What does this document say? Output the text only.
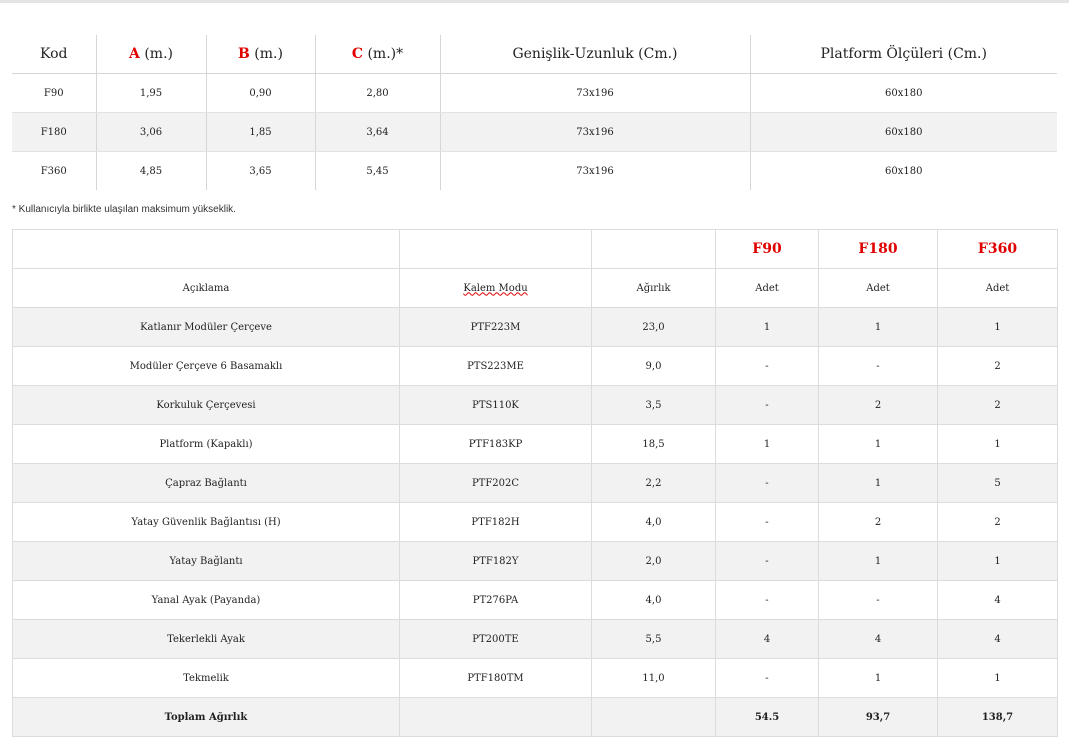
Kod	A (m.)	B (m.)	C (m.)*	Genişlik-Uzunluk (Cm.)	Platform Ölçüleri (Cm.)
F90	1,95	0,90	2,80	73x196	60x180
F180	3,06	1,85	3,64	73x196	60x180
F360	4,85	3,65	5,45	73x196	60x180
* Kullanıcıyla birlikte ulaşılan maksimum yükseklik.
			F90	F180	F360
Açıklama	Kalem Modu	Ağırlık	Adet	Adet	Adet
Katlanır Modüler Çerçeve	PTF223M	23,0	1	1	1
Modüler Çerçeve 6 Basamaklı	PTS223ME	9,0	-	-	2
Korkuluk Çerçevesi	PTS110K	3,5	-	2	2
Platform (Kapaklı)	PTF183KP	18,5	1	1	1
Çapraz Bağlantı	PTF202C	2,2	-	1	5
Yatay Güvenlik Bağlantısı (H)	PTF182H	4,0	-	2	2
Yatay Bağlantı	PTF182Y	2,0	-	1	1
Yanal Ayak (Payanda)	PT276PA	4,0	-	-	4
Tekerlekli Ayak	PT200TE	5,5	4	4	4
Tekmelik	PTF180TM	11,0	-	1	1
Toplam Ağırlık			54.5	93,7	138,7
